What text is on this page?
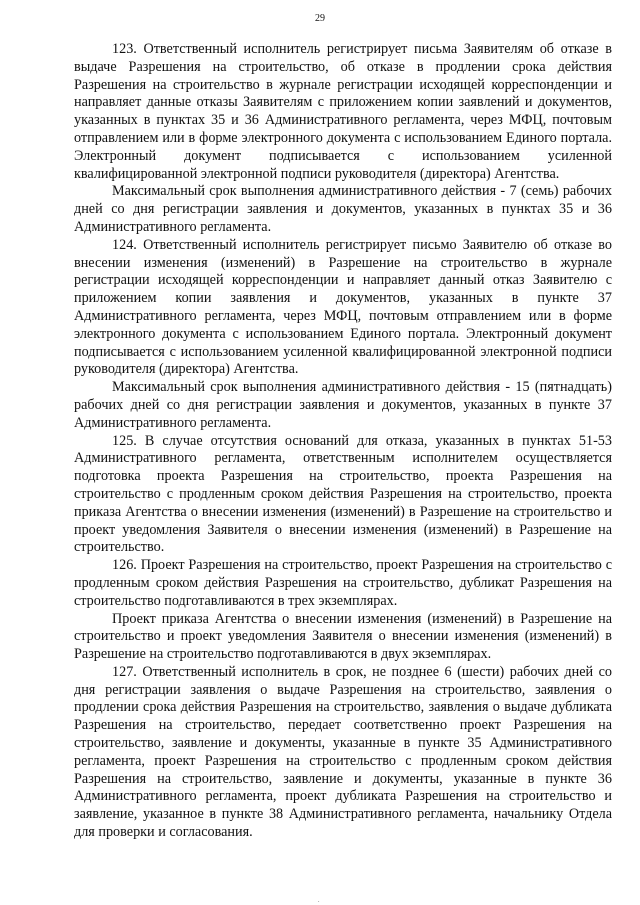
29

123. Ответственный исполнитель регистрирует письма Заявителям об отказе в выдаче Разрешения на строительство, об отказе в продлении срока действия Разрешения на строительство в журнале регистрации исходящей корреспонденции и направляет данные отказы Заявителям с приложением копии заявлений и документов, указанных в пунктах 35 и 36 Административного регламента, через МФЦ, почтовым отправлением или в форме электронного документа с использованием Единого портала. Электронный документ подписывается с использованием усиленной квалифицированной электронной подписи руководителя (директора) Агентства.

Максимальный срок выполнения административного действия - 7 (семь) рабочих дней со дня регистрации заявления и документов, указанных в пунктах 35 и 36 Административного регламента.

124. Ответственный исполнитель регистрирует письмо Заявителю об отказе во внесении изменения (изменений) в Разрешение на строительство в журнале регистрации исходящей корреспонденции и направляет данный отказ Заявителю с приложением копии заявления и документов, указанных в пункте 37 Административного регламента, через МФЦ, почтовым отправлением или в форме электронного документа с использованием Единого портала. Электронный документ подписывается с использованием усиленной квалифицированной электронной подписи руководителя (директора) Агентства.

Максимальный срок выполнения административного действия - 15 (пятнадцать) рабочих дней со дня регистрации заявления и документов, указанных в пункте 37 Административного регламента.

125. В случае отсутствия оснований для отказа, указанных в пунктах 51-53 Административного регламента, ответственным исполнителем осуществляется подготовка проекта Разрешения на строительство, проекта Разрешения на строительство с продленным сроком действия Разрешения на строительство, проекта приказа Агентства о внесении изменения (изменений) в Разрешение на строительство и проект уведомления Заявителя о внесении изменения (изменений) в Разрешение на строительство.

126. Проект Разрешения на строительство, проект Разрешения на строительство с продленным сроком действия Разрешения на строительство, дубликат Разрешения на строительство подготавливаются в трех экземплярах.

Проект приказа Агентства о внесении изменения (изменений) в Разрешение на строительство и проект уведомления Заявителя о внесении изменения (изменений) в Разрешение на строительство подготавливаются в двух экземплярах.

127. Ответственный исполнитель в срок, не позднее 6 (шести) рабочих дней со дня регистрации заявления о выдаче Разрешения на строительство, заявления о продлении срока действия Разрешения на строительство, заявления о выдаче дубликата Разрешения на строительство, передает соответственно проект Разрешения на строительство, заявление и документы, указанные в пункте 35 Административного регламента, проект Разрешения на строительство с продленным сроком действия Разрешения на строительство, заявление и документы, указанные в пункте 36 Административного регламента, проект дубликата Разрешения на строительство и заявление, указанное в пункте 38 Административного регламента, начальнику Отдела для проверки и согласования.

.
